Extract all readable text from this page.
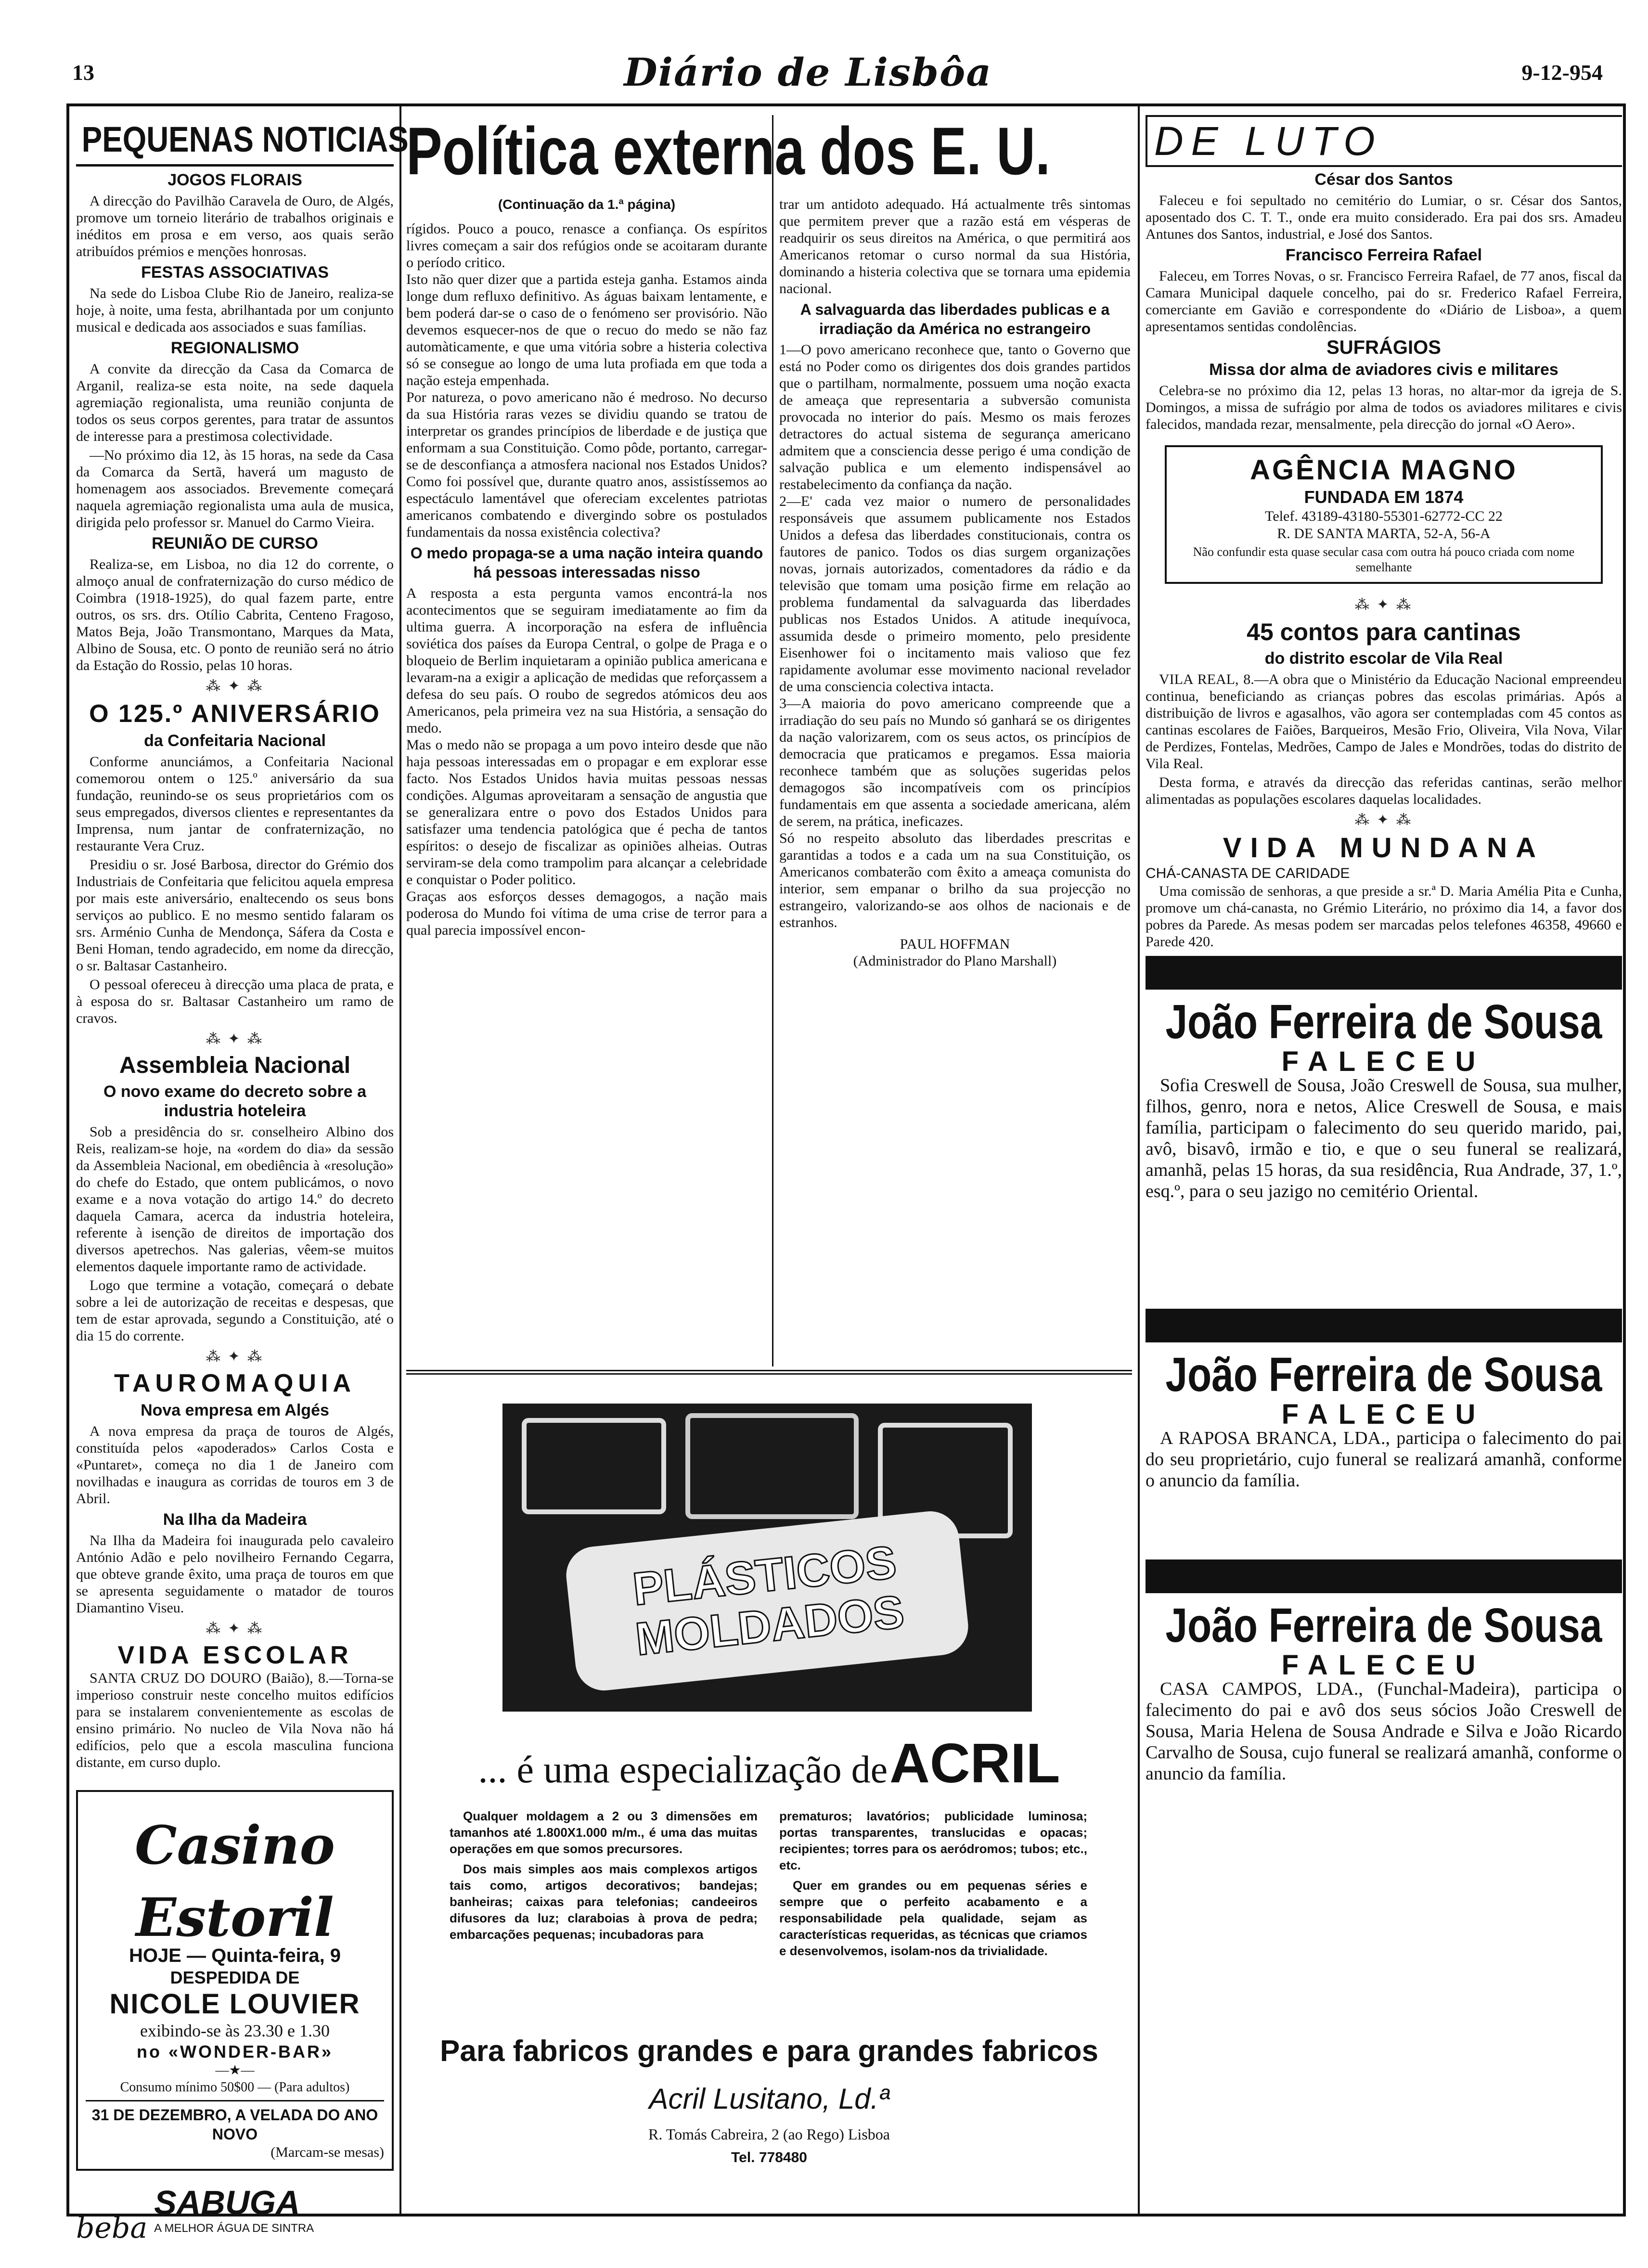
13	Diário de Lisbôa	9-12-954
PEQUENAS NOTICIAS
JOGOS FLORAIS

A direcção do Pavilhão Caravela de Ouro, de Algés, promove um torneio literário de trabalhos originais e inéditos em prosa e em verso, aos quais serão atribuídos prémios e menções honrosas.

FESTAS ASSOCIATIVAS

Na sede do Lisboa Clube Rio de Janeiro, realiza-se hoje, à noite, uma festa, abrilhantada por um conjunto musical e dedicada aos associados e suas famílias.

REGIONALISMO

A convite da direcção da Casa da Comarca de Arganil, realiza-se esta noite, na sede daquela agremiação regionalista, uma reunião conjunta de todos os seus corpos gerentes, para tratar de assuntos de interesse para a prestimosa colectividade.

—No próximo dia 12, às 15 horas, na sede da Casa da Comarca da Sertã, haverá um magusto de homenagem aos associados. Brevemente começará naquela agremiação regionalista uma aula de musica, dirigida pelo professor sr. Manuel do Carmo Vieira.

REUNIÃO DE CURSO

Realiza-se, em Lisboa, no dia 12 do corrente, o almoço anual de confraternização do curso médico de Coimbra (1918-1925), do qual fazem parte, entre outros, os srs. drs. Otílio Cabrita, Centeno Fragoso, Matos Beja, João Transmontano, Marques da Mata, Albino de Sousa, etc. O ponto de reunião será no átrio da Estação do Rossio, pelas 10 horas.

⁂ ✦ ⁂
O 125.º ANIVERSÁRIO
da Confeitaria Nacional

Conforme anunciámos, a Confeitaria Nacional comemorou ontem o 125.º aniversário da sua fundação, reunindo-se os seus proprietários com os seus empregados, diversos clientes e representantes da Imprensa, num jantar de confraternização, no restaurante Vera Cruz.

Presidiu o sr. José Barbosa, director do Grémio dos Industriais de Confeitaria que felicitou aquela empresa por mais este aniversário, enaltecendo os seus bons serviços ao publico. E no mesmo sentido falaram os srs. Arménio Cunha de Mendonça, Sáfera da Costa e Beni Homan, tendo agradecido, em nome da direcção, o sr. Baltasar Castanheiro.

O pessoal ofereceu à direcção uma placa de prata, e à esposa do sr. Baltasar Castanheiro um ramo de cravos.

⁂ ✦ ⁂
Assembleia Nacional
O novo exame do decreto sobre a industria hoteleira

Sob a presidência do sr. conselheiro Albino dos Reis, realizam-se hoje, na «ordem do dia» da sessão da Assembleia Nacional, em obediência à «resolução» do chefe do Estado, que ontem publicámos, o novo exame e a nova votação do artigo 14.º do decreto daquela Camara, acerca da industria hoteleira, referente à isenção de direitos de importação dos diversos apetrechos. Nas galerias, vêem-se muitos elementos daquele importante ramo de actividade.

Logo que termine a votação, começará o debate sobre a lei de autorização de receitas e despesas, que tem de estar aprovada, segundo a Constituição, até o dia 15 do corrente.

⁂ ✦ ⁂
TAUROMAQUIA
Nova empresa em Algés

A nova empresa da praça de touros de Algés, constituída pelos «apoderados» Carlos Costa e «Puntaret», começa no dia 1 de Janeiro com novilhadas e inaugura as corridas de touros em 3 de Abril.

Na Ilha da Madeira

Na Ilha da Madeira foi inaugurada pelo cavaleiro António Adão e pelo novilheiro Fernando Cegarra, que obteve grande êxito, uma praça de touros em que se apresenta seguidamente o matador de touros Diamantino Viseu.

⁂ ✦ ⁂
VIDA ESCOLAR

SANTA CRUZ DO DOURO (Baião), 8.—Torna-se imperioso construir neste concelho muitos edifícios para se instalarem convenientemente as escolas de ensino primário. No nucleo de Vila Nova não há edifícios, pelo que a escola masculina funciona distante, em curso duplo.

Casino Estoril
HOJE — Quinta-feira, 9
DESPEDIDA DE
NICOLE LOUVIER
exibindo-se às 23.30 e 1.30
no «WONDER-BAR»
—★—
Consumo mínimo 50$00 — (Para adultos)
31 DE DEZEMBRO, A VELADA DO ANO NOVO
(Marcam-se mesas)
beba
SABUGA
A MELHOR ÁGUA DE SINTRA
Política externa dos E. U.
(Continuação da 1.ª página)

rígidos. Pouco a pouco, renasce a confiança. Os espíritos livres começam a sair dos refúgios onde se acoitaram durante o período critico.

Isto não quer dizer que a partida esteja ganha. Estamos ainda longe dum refluxo definitivo. As águas baixam lentamente, e bem poderá dar-se o caso de o fenómeno ser provisório. Não devemos esquecer-nos de que o recuo do medo se não faz automàticamente, e que uma vitória sobre a histeria colectiva só se consegue ao longo de uma luta profiada em que toda a nação esteja empenhada.

Por natureza, o povo americano não é medroso. No decurso da sua História raras vezes se dividiu quando se tratou de interpretar os grandes princípios de liberdade e de justiça que enformam a sua Constituição. Como pôde, portanto, carregar-se de desconfiança a atmosfera nacional nos Estados Unidos? Como foi possível que, durante quatro anos, assistíssemos ao espectáculo lamentável que ofereciam excelentes patriotas americanos combatendo e divergindo sobre os postulados fundamentais da nossa existência colectiva?

O medo propaga-se a uma nação inteira quando há pessoas interessadas nisso

A resposta a esta pergunta vamos encontrá-la nos acontecimentos que se seguiram imediatamente ao fim da ultima guerra. A incorporação na esfera de influência soviética dos países da Europa Central, o golpe de Praga e o bloqueio de Berlim inquietaram a opinião publica americana e levaram-na a exigir a aplicação de medidas que reforçassem a defesa do seu país. O roubo de segredos atómicos deu aos Americanos, pela primeira vez na sua História, a sensação do medo.

Mas o medo não se propaga a um povo inteiro desde que não haja pessoas interessadas em o propagar e em explorar esse facto. Nos Estados Unidos havia muitas pessoas nessas condições. Algumas aproveitaram a sensação de angustia que se generalizara entre o povo dos Estados Unidos para satisfazer uma tendencia patológica que é pecha de tantos espíritos: o desejo de fiscalizar as opiniões alheias. Outras serviram-se dela como trampolim para alcançar a celebridade e conquistar o Poder politico.

Graças aos esforços desses demagogos, a nação mais poderosa do Mundo foi vítima de uma crise de terror para a qual parecia impossível encon-

trar um antidoto adequado. Há actualmente três sintomas que permitem prever que a razão está em vésperas de readquirir os seus direitos na América, o que permitirá aos Americanos retomar o curso normal da sua História, dominando a histeria colectiva que se tornara uma epidemia nacional.

A salvaguarda das liberdades publicas e a irradiação da América no estrangeiro

1—O povo americano reconhece que, tanto o Governo que está no Poder como os dirigentes dos dois grandes partidos que o partilham, normalmente, possuem uma noção exacta de ameaça que representaria a subversão comunista provocada no interior do país. Mesmo os mais ferozes detractores do actual sistema de segurança americano admitem que a consciencia desse perigo é uma condição de salvação publica e um elemento indispensável ao restabelecimento da confiança da nação.

2—E' cada vez maior o numero de personalidades responsáveis que assumem publicamente nos Estados Unidos a defesa das liberdades constitucionais, contra os fautores de panico. Todos os dias surgem organizações novas, jornais autorizados, comentadores da rádio e da televisão que tomam uma posição firme em relação ao problema fundamental da salvaguarda das liberdades publicas nos Estados Unidos. A atitude inequívoca, assumida desde o primeiro momento, pelo presidente Eisenhower foi o incitamento mais valioso que fez rapidamente avolumar esse movimento nacional revelador de uma consciencia colectiva intacta.

3—A maioria do povo americano compreende que a irradiação do seu país no Mundo só ganhará se os dirigentes da nação valorizarem, com os seus actos, os princípios de democracia que praticamos e pregamos. Essa maioria reconhece também que as soluções sugeridas pelos demagogos são incompatíveis com os princípios fundamentais em que assenta a sociedade americana, além de serem, na prática, ineficazes.

Só no respeito absoluto das liberdades prescritas e garantidas a todos e a cada um na sua Constituição, os Americanos combaterão com êxito a ameaça comunista do interior, sem empanar o brilho da sua projecção no estrangeiro, valorizando-se aos olhos de nacionais e de estranhos.

PAUL HOFFMAN
(Administrador do Plano Marshall)
PLÁSTICOS MOLDADOS
... é uma especialização de ACRIL

Qualquer moldagem a 2 ou 3 dimensões em tamanhos até 1.800X1.000 m/m., é uma das muitas operações em que somos precursores.

Dos mais simples aos mais complexos artigos tais como, artigos decorativos; bandejas; banheiras; caixas para telefonias; candeeiros difusores da luz; claraboias à prova de pedra; embarcações pequenas; incubadoras para

prematuros; lavatórios; publicidade luminosa; portas transparentes, translucidas e opacas; recipientes; torres para os aeródromos; tubos; etc., etc.

Quer em grandes ou em pequenas séries e sempre que o perfeito acabamento e a responsabilidade pela qualidade, sejam as características requeridas, as técnicas que criamos e desenvolvemos, isolam-nos da trivialidade.

Para fabricos grandes e para grandes fabricos
Acril Lusitano, Ld.ª
R. Tomás Cabreira, 2 (ao Rego) Lisboa
Tel. 778480
DE LUTO
César dos Santos

Faleceu e foi sepultado no cemitério do Lumiar, o sr. César dos Santos, aposentado dos C. T. T., onde era muito considerado. Era pai dos srs. Amadeu Antunes dos Santos, industrial, e José dos Santos.

Francisco Ferreira Rafael

Faleceu, em Torres Novas, o sr. Francisco Ferreira Rafael, de 77 anos, fiscal da Camara Municipal daquele concelho, pai do sr. Frederico Rafael Ferreira, comerciante em Gavião e correspondente do «Diário de Lisboa», a quem apresentamos sentidas condolências.

SUFRÁGIOS
Missa dor alma de aviadores civis e militares

Celebra-se no próximo dia 12, pelas 13 horas, no altar-mor da igreja de S. Domingos, a missa de sufrágio por alma de todos os aviadores militares e civis falecidos, mandada rezar, mensalmente, pela direcção do jornal «O Aero».

AGÊNCIA MAGNO
FUNDADA EM 1874
Telef. 43189-43180-55301-62772-CC 22
R. DE SANTA MARTA, 52-A, 56-A
Não confundir esta quase secular casa com outra há pouco criada com nome semelhante
⁂ ✦ ⁂
45 contos para cantinas
do distrito escolar de Vila Real

VILA REAL, 8.—A obra que o Ministério da Educação Nacional empreendeu continua, beneficiando as crianças pobres das escolas primárias. Após a distribuição de livros e agasalhos, vão agora ser contempladas com 45 contos as cantinas escolares de Faiões, Barqueiros, Mesão Frio, Oliveira, Vila Nova, Vilar de Perdizes, Fontelas, Medrões, Campo de Jales e Mondrões, todas do distrito de Vila Real.

Desta forma, e através da direcção das referidas cantinas, serão melhor alimentadas as populações escolares daquelas localidades.

⁂ ✦ ⁂
VIDA MUNDANA
CHÁ-CANASTA DE CARIDADE

Uma comissão de senhoras, a que preside a sr.ª D. Maria Amélia Pita e Cunha, promove um chá-canasta, no Grémio Literário, no próximo dia 14, a favor dos pobres da Parede. As mesas podem ser marcadas pelos telefones 46358, 49660 e Parede 420.

João Ferreira de Sousa
FALECEU
Sofia Creswell de Sousa, João Creswell de Sousa, sua mulher, filhos, genro, nora e netos, Alice Creswell de Sousa, e mais família, participam o falecimento do seu querido marido, pai, avô, bisavô, irmão e tio, e que o seu funeral se realizará, amanhã, pelas 15 horas, da sua residência, Rua Andrade, 37, 1.º, esq.º, para o seu jazigo no cemitério Oriental.
João Ferreira de Sousa
FALECEU
A RAPOSA BRANCA, LDA., participa o falecimento do pai do seu proprietário, cujo funeral se realizará amanhã, conforme o anuncio da família.
João Ferreira de Sousa
FALECEU
CASA CAMPOS, LDA., (Funchal-Madeira), participa o falecimento do pai e avô dos seus sócios João Creswell de Sousa, Maria Helena de Sousa Andrade e Silva e João Ricardo Carvalho de Sousa, cujo funeral se realizará amanhã, conforme o anuncio da família.
